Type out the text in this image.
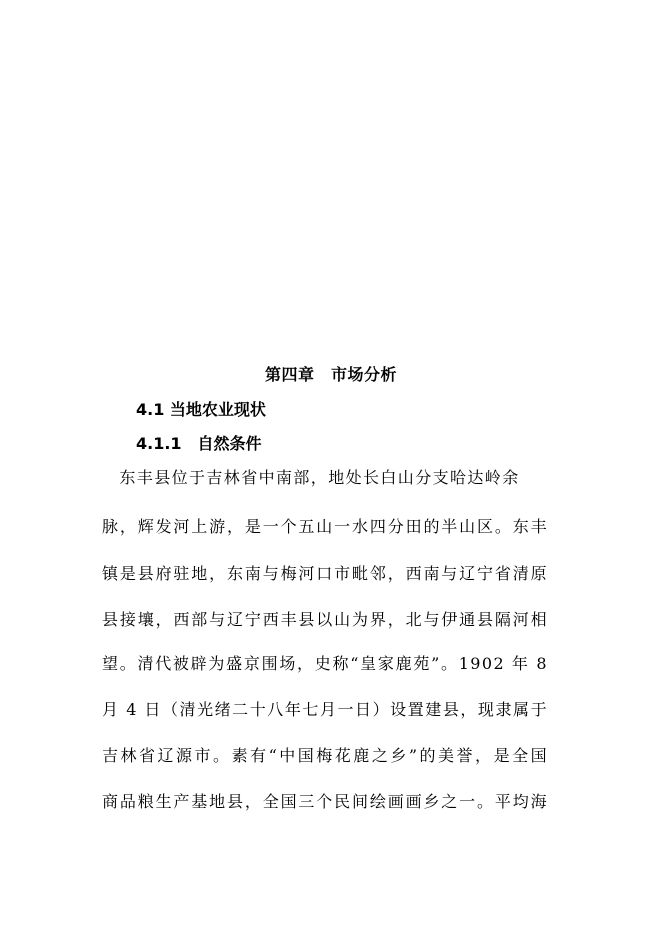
第四章　市场分析
4.1 当地农业现状
4.1.1　自然条件
　东丰县位于吉林省中南部，地处长白山分支哈达岭余
脉，辉发河上游，是一个五山一水四分田的半山区。东丰
镇是县府驻地，东南与梅河口市毗邻，西南与辽宁省清原
县接壤，西部与辽宁西丰县以山为界，北与伊通县隔河相
望。清代被辟为盛京围场，史称“皇家鹿苑”。1902 年 8
月 4 日（清光绪二十八年七月一日）设置建县，现隶属于
吉林省辽源市。素有“中国梅花鹿之乡”的美誉，是全国
商品粮生产基地县，全国三个民间绘画画乡之一。平均海
